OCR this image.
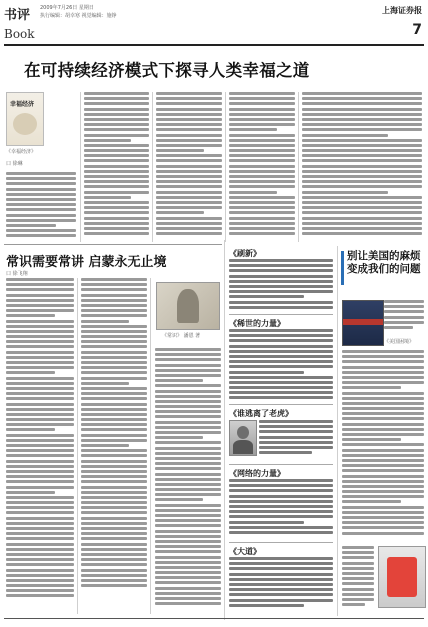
书评
Book
2009年7月26日 星期日
执行编辑：胡幸寒 视觉编辑：施铮
上海证券报
7
在可持续经济模式下探寻人类幸福之道
幸福经济
《幸福经济》
口 徐琳
常识需要常讲 启蒙永无止境
口 徐飞翔
《常识》 潘恩 著
《刷新》
《稀世的力量》
《谁逃离了老虎》
《网络的力量》
《大道》
别让美国的麻烦变成我们的问题
《美国困境》
